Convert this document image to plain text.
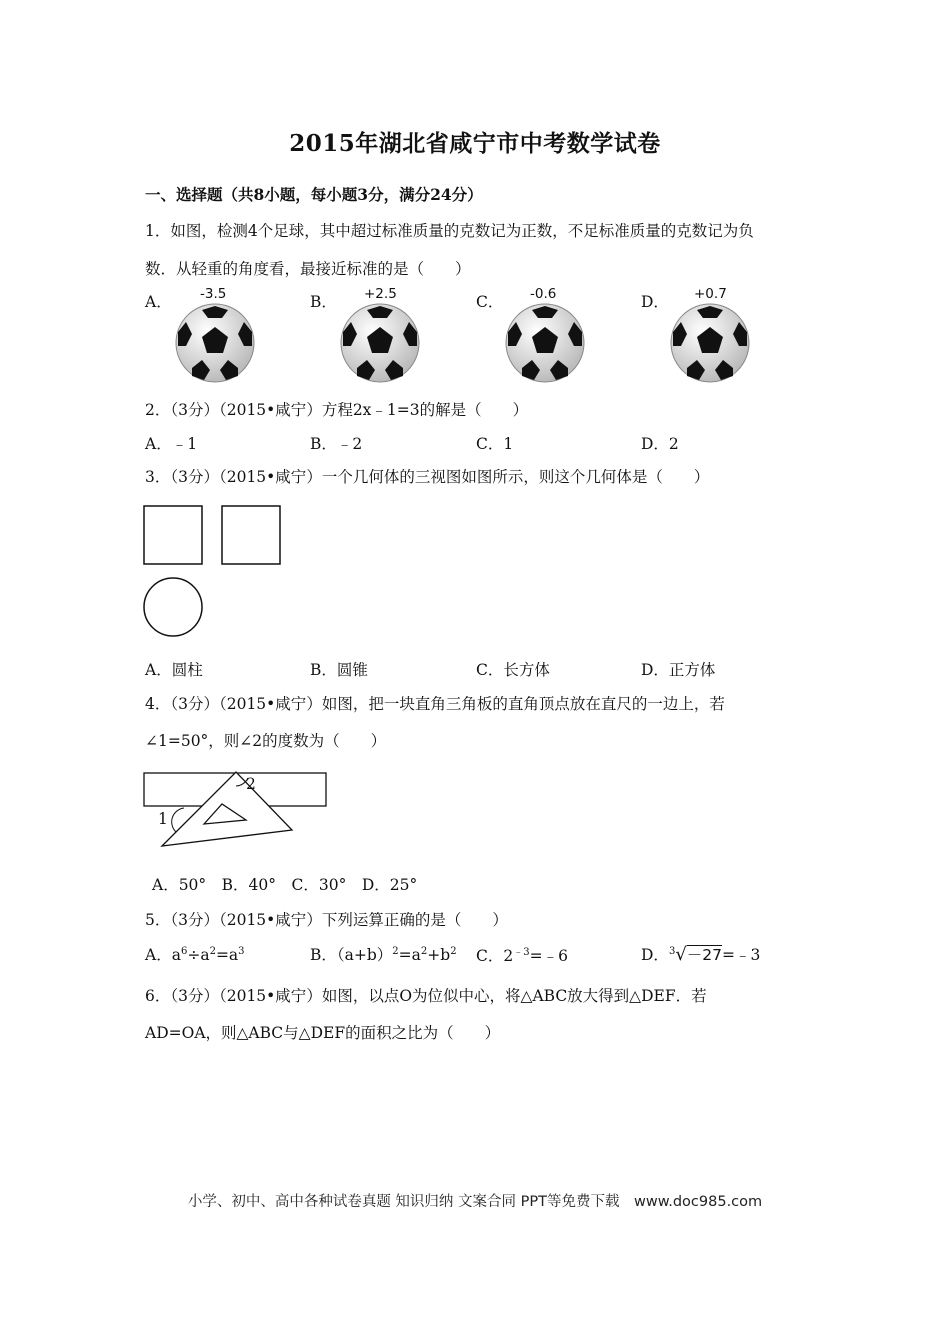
2015年湖北省咸宁市中考数学试卷
一、选择题（共8小题，每小题3分，满分24分）
1．如图，检测4个足球，其中超过标准质量的克数记为正数，不足标准质量的克数记为负
数．从轻重的角度看，最接近标准的是（　　）
A．	B．	C．	D．
-3.5	+2.5	-0.6	+0.7
2．（3分）（2015•咸宁）方程2x﹣1=3的解是（　　）
A．﹣1	B．﹣2	C．1	D．2
3．（3分）（2015•咸宁）一个几何体的三视图如图所示，则这个几何体是（　　）
A．圆柱	B．圆锥	C．长方体	D．正方体
4．（3分）（2015•咸宁）如图，把一块直角三角板的直角顶点放在直尺的一边上，若
∠1=50°，则∠2的度数为（　　）
1
2
A．50°　B．40°　C．30°　D．25°
5．（3分）（2015•咸宁）下列运算正确的是（　　）
A．$a^6\div a^2=a^3$	B．$(a+b)^2=a^2+b^2$ C．$2^{﹣3}=﹣6$	D．$^3$√－27=﹣3
6．（3分）（2015•咸宁）如图，以点O为位似中心，将△ABC放大得到△DEF．若
AD=OA，则△ABC与△DEF的面积之比为（　　）
小学、初中、高中各种试卷真题 知识归纳 文案合同 PPT等免费下载　www.doc985.com
